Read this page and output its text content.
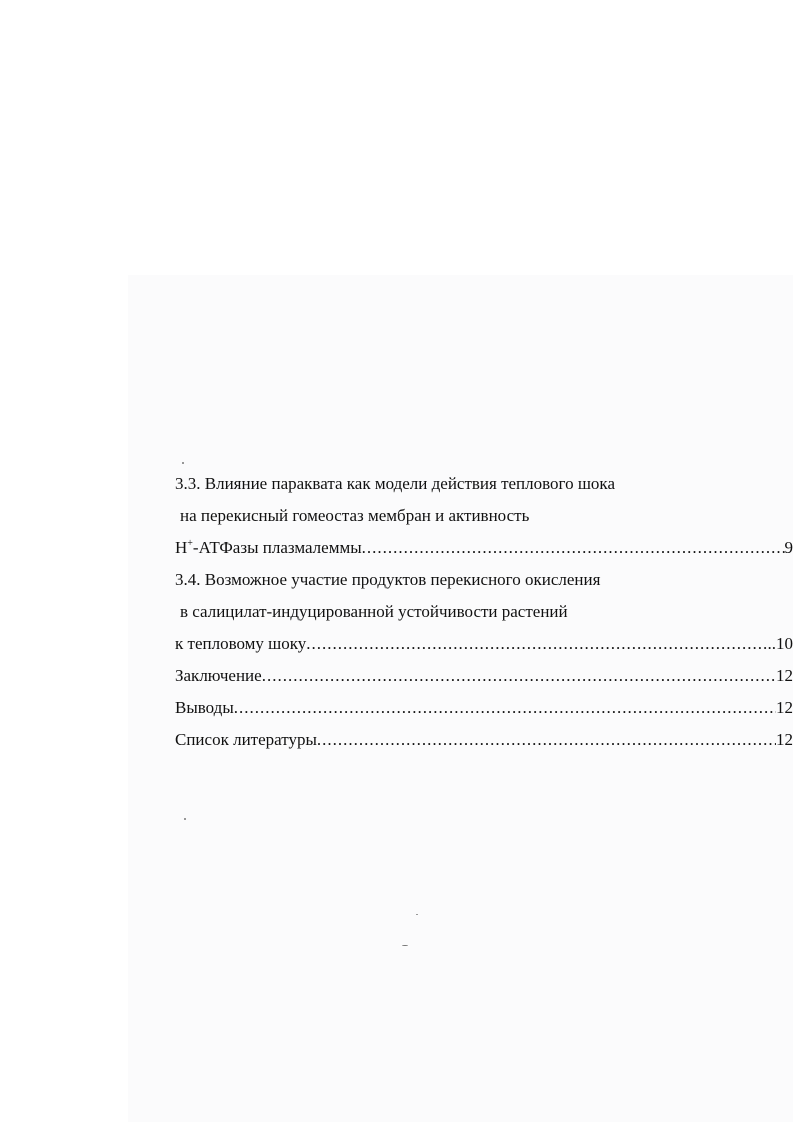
3.3. Влияние параквата как модели действия теплового шока
на перекисный гомеостаз мембран и активность
H+-АТФазы плазмалеммы .....	9
3.4. Возможное участие продуктов перекисного окисления
в салицилат-индуцированной устойчивости растений
к тепловому шоку .....	..10
Заключение .....	12
Выводы .....	12
Список литературы .....	12
